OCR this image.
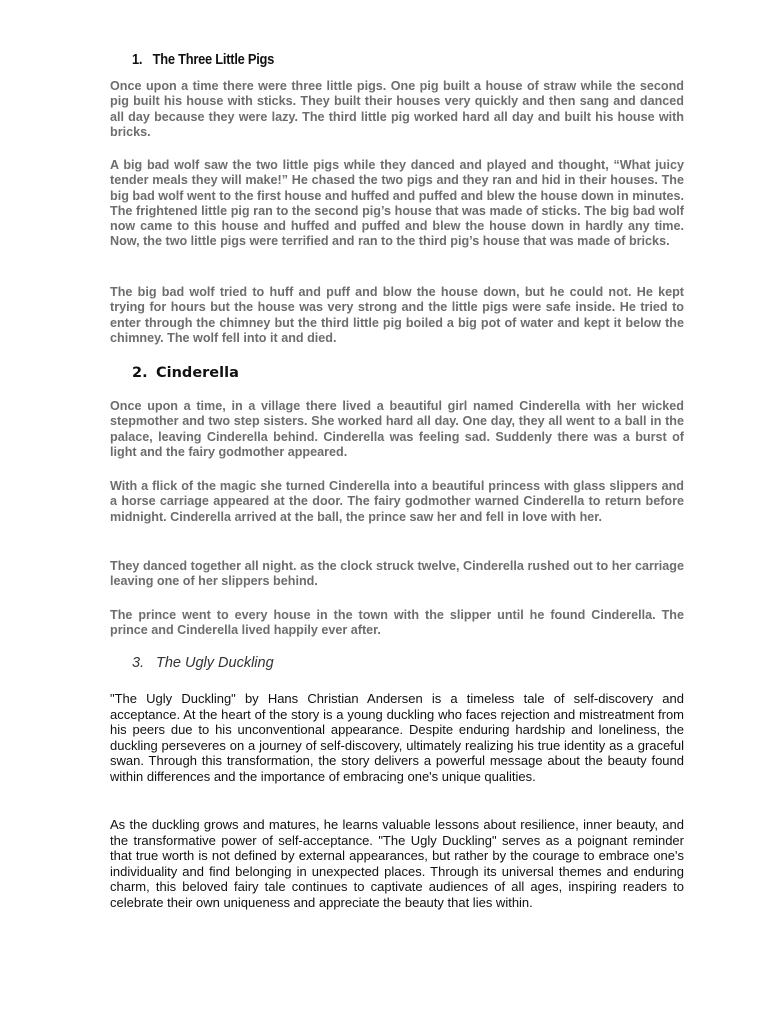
1. The Three Little Pigs

Once upon a time there were three little pigs. One pig built a house of straw while the second pig built his house with sticks. They built their houses very quickly and then sang and danced all day because they were lazy. The third little pig worked hard all day and built his house with bricks.

A big bad wolf saw the two little pigs while they danced and played and thought, “What juicy tender meals they will make!” He chased the two pigs and they ran and hid in their houses. The big bad wolf went to the first house and huffed and puffed and blew the house down in minutes. The frightened little pig ran to the second pig’s house that was made of sticks. The big bad wolf now came to this house and huffed and puffed and blew the house down in hardly any time. Now, the two little pigs were terrified and ran to the third pig’s house that was made of bricks.

The big bad wolf tried to huff and puff and blow the house down, but he could not. He kept trying for hours but the house was very strong and the little pigs were safe inside. He tried to enter through the chimney but the third little pig boiled a big pot of water and kept it below the chimney. The wolf fell into it and died.

2. Cinderella

Once upon a time, in a village there lived a beautiful girl named Cinderella with her wicked stepmother and two step sisters. She worked hard all day. One day, they all went to a ball in the palace, leaving Cinderella behind. Cinderella was feeling sad. Suddenly there was a burst of light and the fairy godmother appeared.

With a flick of the magic she turned Cinderella into a beautiful princess with glass slippers and a horse carriage appeared at the door. The fairy godmother warned Cinderella to return before midnight. Cinderella arrived at the ball, the prince saw her and fell in love with her.

They danced together all night. as the clock struck twelve, Cinderella rushed out to her carriage leaving one of her slippers behind.

The prince went to every house in the town with the slipper until he found Cinderella. The prince and Cinderella lived happily ever after.

3. The Ugly Duckling

"The Ugly Duckling" by Hans Christian Andersen is a timeless tale of self-discovery and acceptance. At the heart of the story is a young duckling who faces rejection and mistreatment from his peers due to his unconventional appearance. Despite enduring hardship and loneliness, the duckling perseveres on a journey of self-discovery, ultimately realizing his true identity as a graceful swan. Through this transformation, the story delivers a powerful message about the beauty found within differences and the importance of embracing one's unique qualities.

As the duckling grows and matures, he learns valuable lessons about resilience, inner beauty, and the transformative power of self-acceptance. "The Ugly Duckling" serves as a poignant reminder that true worth is not defined by external appearances, but rather by the courage to embrace one's individuality and find belonging in unexpected places. Through its universal themes and enduring charm, this beloved fairy tale continues to captivate audiences of all ages, inspiring readers to celebrate their own uniqueness and appreciate the beauty that lies within.
